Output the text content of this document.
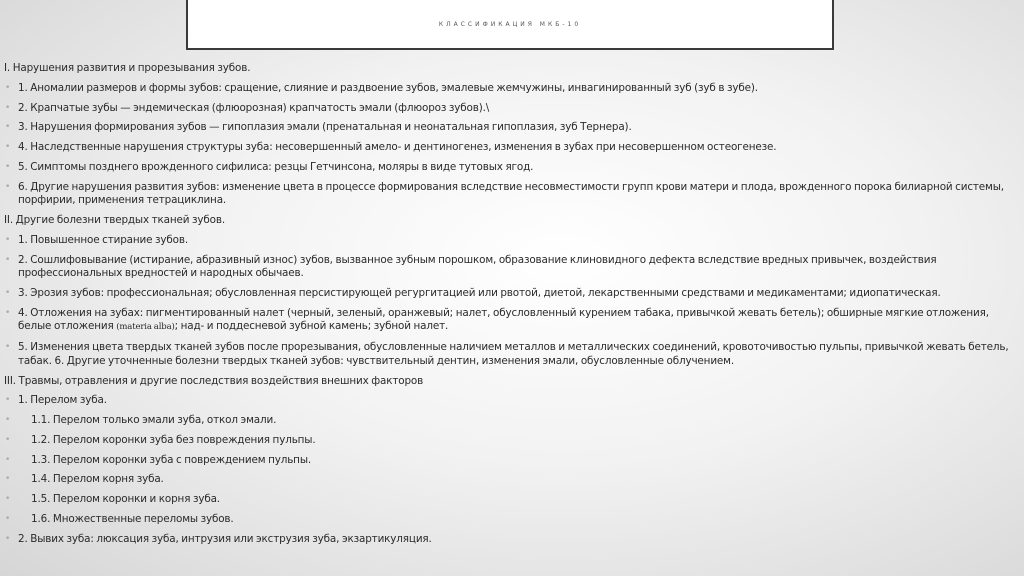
КЛАССИФИКАЦИЯ МКБ-10
I. Нарушения развития и прорезывания зубов.
• 1. Аномалии размеров и формы зубов: сращение, слияние и раздвоение зубов, эмалевые жемчужины, инвагинированный зуб (зуб в зубе).
• 2. Крапчатые зубы — эндемическая (флюорозная) крапчатость эмали (флюороз зубов).\
• 3. Нарушения формирования зубов — гипоплазия эмали (пренатальная и неонатальная гипоплазия, зуб Тернера).
• 4. Наследственные нарушения структуры зуба: несовершенный амело- и дентиногенез, изменения в зубах при несовершенном остеогенезе.
• 5. Симптомы позднего врожденного сифилиса: резцы Гетчинсона, моляры в виде тутовых ягод.
• 6. Другие нарушения развития зубов: изменение цвета в процессе формирования вследствие несовместимости групп крови матери и плода, врожденного порока билиарной системы, порфирии, применения тетрациклина.
II. Другие болезни твердых тканей зубов.
• 1. Повышенное стирание зубов.
• 2. Сошлифовывание (истирание, абразивный износ) зубов, вызванное зубным порошком, образование клиновидного дефекта вследствие вредных привычек, воздействия профессиональных вредностей и народных обычаев.
• 3. Эрозия зубов: профессиональная; обусловленная персистирующей регургитацией или рвотой, диетой, лекарственными средствами и медикаментами; идиопатическая.
• 4. Отложения на зубах: пигментированный налет (черный, зеленый, оранжевый; налет, обусловленный курением табака, привычкой жевать бетель); обширные мягкие отложения, белые отложения (materia alba); над- и поддесневой зубной камень; зубной налет.
• 5. Изменения цвета твердых тканей зубов после прорезывания, обусловленные наличием металлов и металлических соединений, кровоточивостью пульпы, привычкой жевать бетель, табак. 6. Другие уточненные болезни твердых тканей зубов: чувствительный дентин, изменения эмали, обусловленные облучением.
III. Травмы, отравления и другие последствия воздействия внешних факторов
• 1. Перелом зуба.
• 1.1. Перелом только эмали зуба, откол эмали.
• 1.2. Перелом коронки зуба без повреждения пульпы.
• 1.3. Перелом коронки зуба с повреждением пульпы.
• 1.4. Перелом корня зуба.
• 1.5. Перелом коронки и корня зуба.
• 1.6. Множественные переломы зубов.
• 2. Вывих зуба: люксация зуба, интрузия или экструзия зуба, экзартикуляция.
